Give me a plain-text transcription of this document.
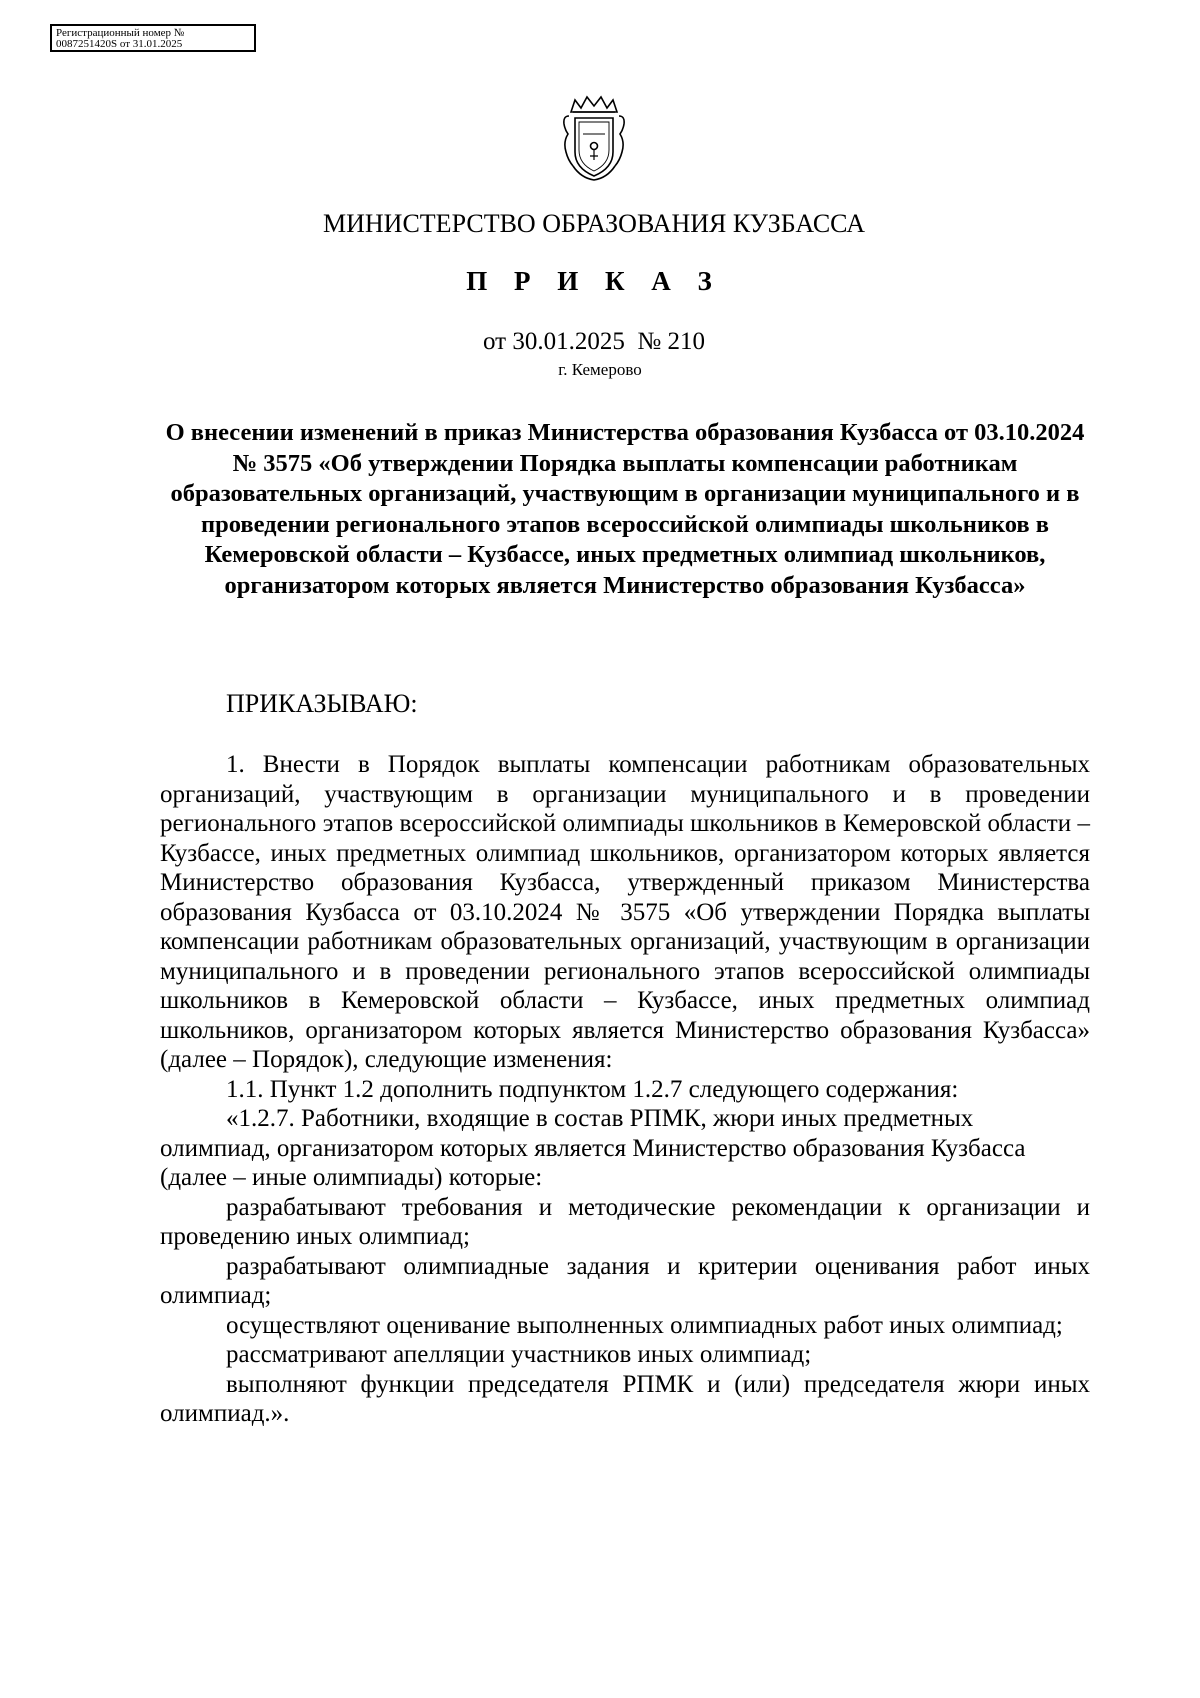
Регистрационный номер №
0087251420S от 31.01.2025
МИНИСТЕРСТВО ОБРАЗОВАНИЯ КУЗБАССА
П Р И К А З
от 30.01.2025  № 210
г. Кемерово
О внесении изменений в приказ Министерства образования Кузбасса от 03.10.2024 № 3575 «Об утверждении Порядка выплаты компенсации работникам образовательных организаций, участвующим в организации муниципального и в проведении регионального этапов всероссийской олимпиады школьников в Кемеровской области – Кузбассе, иных предметных олимпиад школьников, организатором которых является Министерство образования Кузбасса»

ПРИКАЗЫВАЮ:

1. Внести в Порядок выплаты компенсации работникам образовательных организаций, участвующим в организации муниципального и в проведении регионального этапов всероссийской олимпиады школьников в Кемеровской области – Кузбассе, иных предметных олимпиад школьников, организатором которых является Министерство образования Кузбасса, утвержденный приказом Министерства образования Кузбасса от 03.10.2024 № 3575 «Об утверждении Порядка выплаты компенсации работникам образовательных организаций, участвующим в организации муниципального и в проведении регионального этапов всероссийской олимпиады школьников в Кемеровской области – Кузбассе, иных предметных олимпиад школьников, организатором которых является Министерство образования Кузбасса» (далее – Порядок), следующие изменения:

1.1. Пункт 1.2 дополнить подпунктом 1.2.7 следующего содержания:

«1.2.7. Работники, входящие в состав РПМК, жюри иных предметных олимпиад, организатором которых является Министерство образования Кузбасса (далее – иные олимпиады) которые:

разрабатывают требования и методические рекомендации к организации и проведению иных олимпиад;

разрабатывают олимпиадные задания и критерии оценивания работ иных олимпиад;

осуществляют оценивание выполненных олимпиадных работ иных олимпиад;

рассматривают апелляции участников иных олимпиад;

выполняют функции председателя РПМК и (или) председателя жюри иных олимпиад.».
